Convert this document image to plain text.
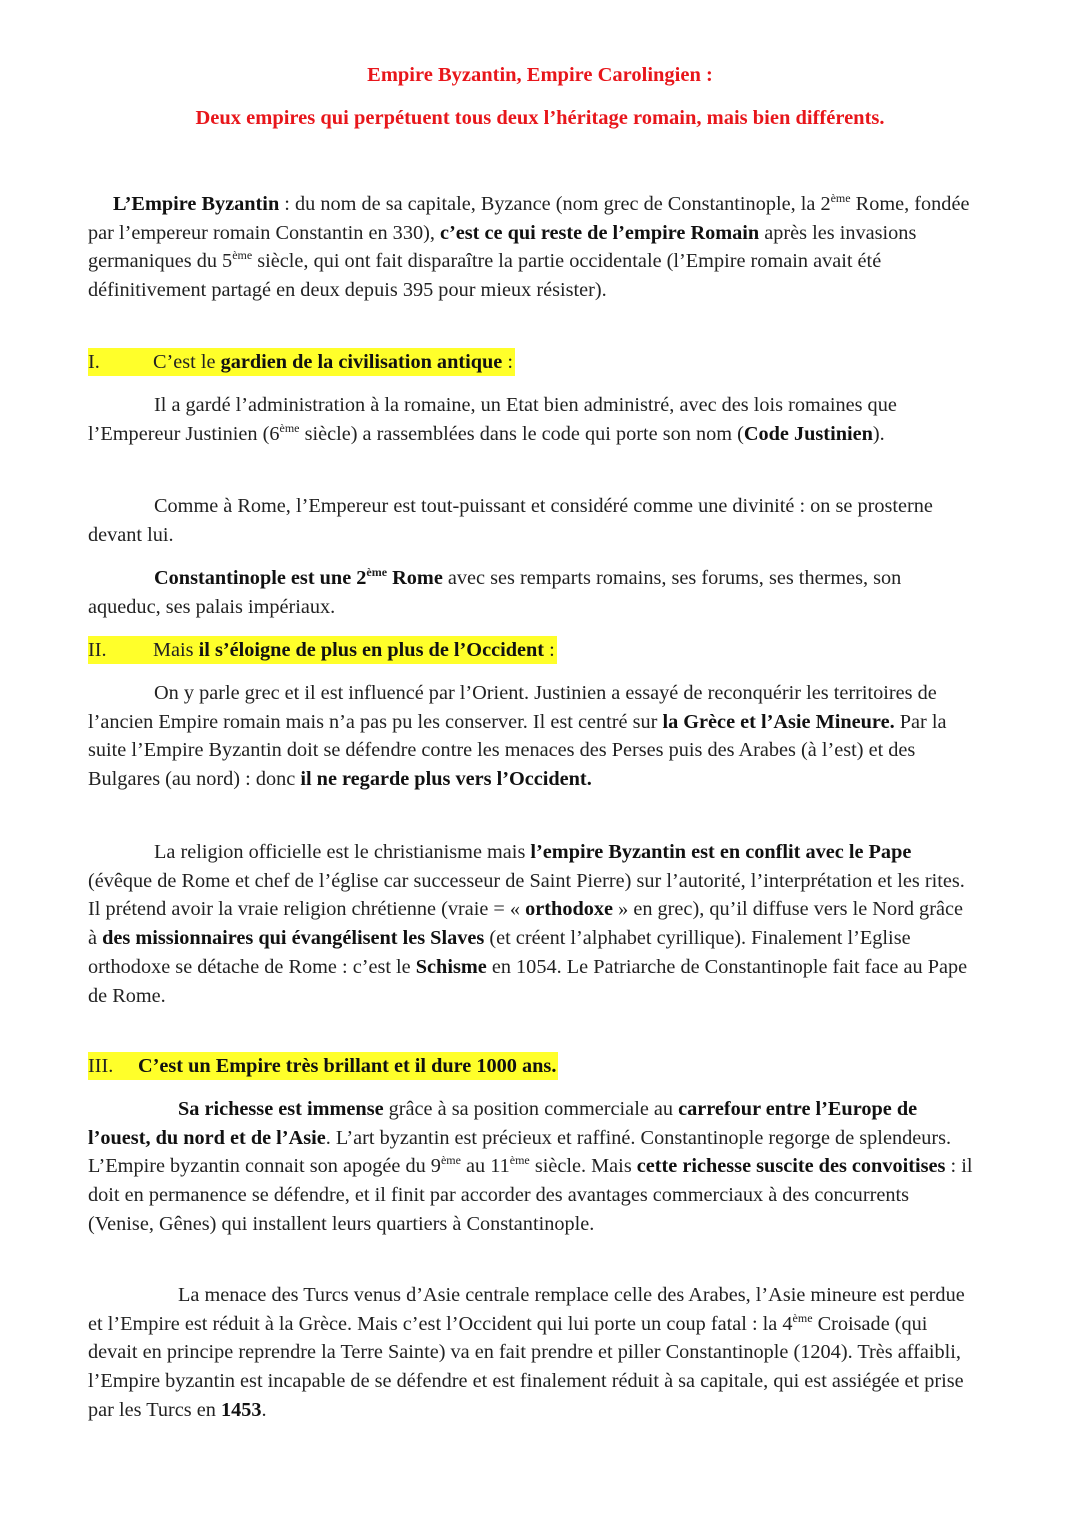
Empire Byzantin, Empire Carolingien :
Deux empires qui perpétuent tous deux l’héritage romain, mais bien différents.

L’Empire Byzantin : du nom de sa capitale, Byzance (nom grec de Constantinople, la 2ème Rome, fondée par l’empereur romain Constantin en 330), c’est ce qui reste de l’empire Romain après les invasions germaniques du 5ème siècle, qui ont fait disparaître la partie occidentale (l’Empire romain avait été définitivement partagé en deux depuis 395 pour mieux résister).

I.	C’est le gardien de la civilisation antique :

Il a gardé l’administration à la romaine, un Etat bien administré, avec des lois romaines que l’Empereur Justinien (6ème siècle) a rassemblées dans le code qui porte son nom (Code Justinien).

Comme à Rome, l’Empereur est tout-puissant et considéré comme une divinité : on se prosterne devant lui.

Constantinople est une 2ème Rome avec ses remparts romains, ses forums, ses thermes, son aqueduc, ses palais impériaux.

II.	Mais il s’éloigne de plus en plus de l’Occident :

On y parle grec et il est influencé par l’Orient. Justinien a essayé de reconquérir les territoires de l’ancien Empire romain mais n’a pas pu les conserver. Il est centré sur la Grèce et l’Asie Mineure. Par la suite l’Empire Byzantin doit se défendre contre les menaces des Perses puis des Arabes (à l’est) et des Bulgares (au nord) : donc il ne regarde plus vers l’Occident.

La religion officielle est le christianisme mais l’empire Byzantin est en conflit avec le Pape (évêque de Rome et chef de l’église car successeur de Saint Pierre) sur l’autorité, l’interprétation et les rites. Il prétend avoir la vraie religion chrétienne (vraie = « orthodoxe » en grec), qu’il diffuse vers le Nord grâce à des missionnaires qui évangélisent les Slaves (et créent l’alphabet cyrillique). Finalement l’Eglise orthodoxe se détache de Rome : c’est le Schisme en 1054. Le Patriarche de Constantinople fait face au Pape de Rome.

III.	C’est un Empire très brillant et il dure 1000 ans.

Sa richesse est immense grâce à sa position commerciale au carrefour entre l’Europe de l’ouest, du nord et de l’Asie. L’art byzantin est précieux et raffiné. Constantinople regorge de splendeurs. L’Empire byzantin connait son apogée du 9ème au 11ème siècle. Mais cette richesse suscite des convoitises : il doit en permanence se défendre, et il finit par accorder des avantages commerciaux à des concurrents (Venise, Gênes) qui installent leurs quartiers à Constantinople.

La menace des Turcs venus d’Asie centrale remplace celle des Arabes, l’Asie mineure est perdue et l’Empire est réduit à la Grèce. Mais c’est l’Occident qui lui porte un coup fatal : la 4ème Croisade (qui devait en principe reprendre la Terre Sainte) va en fait prendre et piller Constantinople (1204). Très affaibli, l’Empire byzantin est incapable de se défendre et est finalement réduit à sa capitale, qui est assiégée et prise par les Turcs en 1453.
